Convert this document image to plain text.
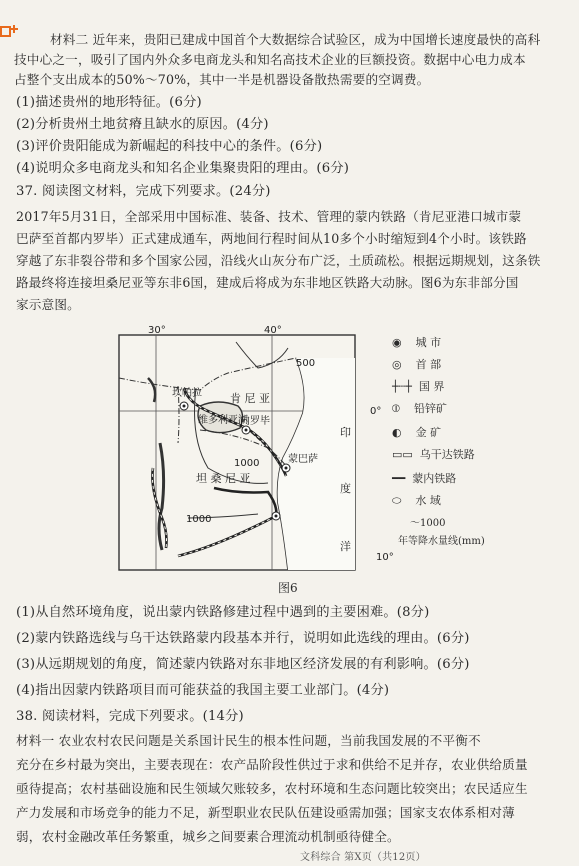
材料二 近年来，贵阳已建成中国首个大数据综合试验区，成为中国增长速度最快的高科
技中心之一，吸引了国内外众多电商龙头和知名高技术企业的巨额投资。数据中心电力成本
占整个支出成本的50%～70%，其中一半是机器设备散热需要的空调费。
(1)描述贵州的地形特征。(6分)
(2)分析贵州土地贫瘠且缺水的原因。(4分)
(3)评价贵阳能成为新崛起的科技中心的条件。(6分)
(4)说明众多电商龙头和知名企业集聚贵阳的理由。(6分)
37. 阅读图文材料，完成下列要求。(24分)
2017年5月31日，全部采用中国标准、装备、技术、管理的蒙内铁路（肯尼亚港口城市蒙
巴萨至首都内罗毕）正式建成通车，两地间行程时间从10多个小时缩短到4个小时。该铁路
穿越了东非裂谷带和多个国家公园，沿线火山灰分布广泛，土质疏松。根据远期规划，这条铁
路最终将连接坦桑尼亚等东非6国，建成后将成为东非地区铁路大动脉。图6为东非部分国
家示意图。
30°	40°
0°
10°
肯 尼 亚
坦 桑 尼 亚
坎帕拉
维多利亚湖
内罗毕
蒙巴萨
印
度
洋
500
1000
1000
◉ 城 市
◎ 首 部
┼┄┼ 国 界
⦶ 铅锌矿
◐ 金 矿
▭▭ 乌干达铁路
━━ 蒙内铁路
⬭ 水 域
～1000
年等降水量线(mm)
图6
(1)从自然环境角度，说出蒙内铁路修建过程中遇到的主要困难。(8分)
(2)蒙内铁路选线与乌干达铁路蒙内段基本并行，说明如此选线的理由。(6分)
(3)从远期规划的角度，简述蒙内铁路对东非地区经济发展的有利影响。(6分)
(4)指出因蒙内铁路项目而可能获益的我国主要工业部门。(4分)
38. 阅读材料，完成下列要求。(14分)
材料一 农业农村农民问题是关系国计民生的根本性问题，当前我国发展的不平衡不
充分在乡村最为突出，主要表现在：农产品阶段性供过于求和供给不足并存，农业供给质量
亟待提高；农村基础设施和民生领域欠账较多，农村环境和生态问题比较突出；农民适应生
产力发展和市场竞争的能力不足，新型职业农民队伍建设亟需加强；国家支农体系相对薄
弱，农村金融改革任务繁重，城乡之间要素合理流动机制亟待健全。
文科综合 第X页（共12页）
